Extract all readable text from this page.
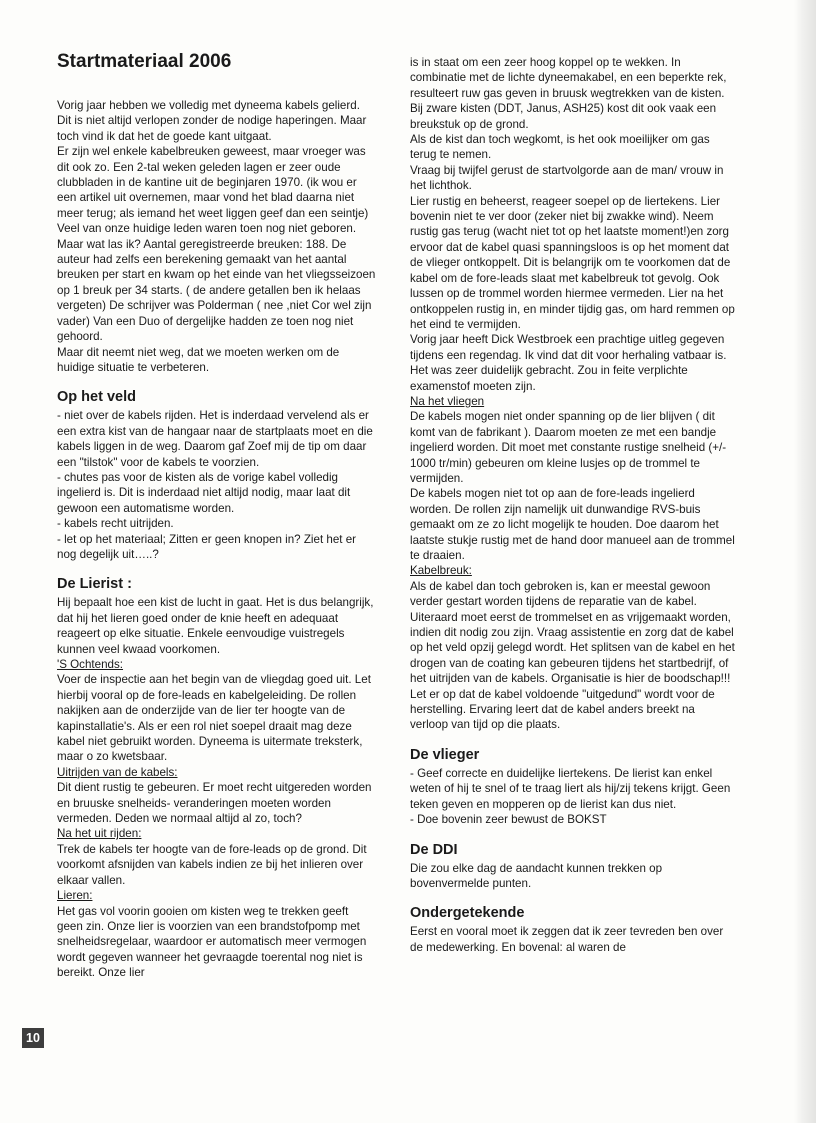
Startmateriaal 2006

Vorig jaar hebben we volledig met dyneema kabels gelierd. Dit is niet altijd verlopen zonder de nodige haperingen. Maar toch vind ik dat het de goede kant uitgaat.

Er zijn wel enkele kabelbreuken geweest, maar vroeger was dit ook zo. Een 2-tal weken geleden lagen er zeer oude clubbladen in de kantine uit de beginjaren 1970. (ik wou er een artikel uit overnemen, maar vond het blad daarna niet meer terug; als iemand het weet liggen geef dan een seintje) Veel van onze huidige leden waren toen nog niet geboren. Maar wat las ik? Aantal geregistreerde breuken: 188. De auteur had zelfs een berekening gemaakt van het aantal breuken per start en kwam op het einde van het vliegsseizoen op 1 breuk per 34 starts. ( de andere getallen ben ik helaas vergeten) De schrijver was Polderman ( nee ,niet Cor wel zijn vader) Van een Duo of dergelijke hadden ze toen nog niet gehoord.

Maar dit neemt niet weg, dat we moeten werken om de huidige situatie te verbeteren.

Op het veld

- niet over de kabels rijden. Het is inderdaad vervelend als er een extra kist van de hangaar naar de startplaats moet en die kabels liggen in de weg. Daarom gaf Zoef mij de tip om daar een "tilstok" voor de kabels te voorzien.

- chutes pas voor de kisten als de vorige kabel volledig ingelierd is. Dit is inderdaad niet altijd nodig, maar laat dit gewoon een automatisme worden.

- kabels recht uitrijden.

- let op het materiaal; Zitten er geen knopen in? Ziet het er nog degelijk uit…..?

De Lierist :

Hij bepaalt hoe een kist de lucht in gaat. Het is dus belangrijk, dat hij het lieren goed onder de knie heeft en adequaat reageert op elke situatie. Enkele eenvoudige vuistregels kunnen veel kwaad voorkomen.

'S Ochtends:

Voer de inspectie aan het begin van de vliegdag goed uit. Let hierbij vooral op de fore-leads en kabelgeleiding. De rollen nakijken aan de onderzijde van de lier ter hoogte van de kapinstallatie's. Als er een rol niet soepel draait mag deze kabel niet gebruikt worden. Dyneema is uitermate treksterk, maar o zo kwetsbaar.

Uitrijden van de kabels:

Dit dient rustig te gebeuren. Er moet recht uitgereden worden en bruuske snelheids- veranderingen moeten worden vermeden. Deden we normaal altijd al zo, toch?

Na het uit rijden:

Trek de kabels ter hoogte van de fore-leads op de grond. Dit voorkomt afsnijden van kabels indien ze bij het inlieren over elkaar vallen.

Lieren:

Het gas vol voorin gooien om kisten weg te trekken geeft geen zin. Onze lier is voorzien van een brandstofpomp met snelheidsregelaar, waardoor er automatisch meer vermogen wordt gegeven wanneer het gevraagde toerental nog niet is bereikt. Onze lier

is in staat om een zeer hoog koppel op te wekken. In combinatie met de lichte dyneemakabel, en een beperkte rek, resulteert ruw gas geven in bruusk wegtrekken van de kisten. Bij zware kisten (DDT, Janus, ASH25) kost dit ook vaak een breukstuk op de grond.

Als de kist dan toch wegkomt, is het ook moeilijker om gas terug te nemen.

Vraag bij twijfel gerust de startvolgorde aan de man/ vrouw in het lichthok.

Lier rustig en beheerst, reageer soepel op de liertekens. Lier bovenin niet te ver door (zeker niet bij zwakke wind). Neem rustig gas terug (wacht niet tot op het laatste moment!)en zorg ervoor dat de kabel quasi spanningsloos is op het moment dat de vlieger ontkoppelt. Dit is belangrijk om te voorkomen dat de kabel om de fore-leads slaat met kabelbreuk tot gevolg. Ook lussen op de trommel worden hiermee vermeden. Lier na het ontkoppelen rustig in, en minder tijdig gas, om hard remmen op het eind te vermijden.

Vorig jaar heeft Dick Westbroek een prachtige uitleg gegeven tijdens een regendag. Ik vind dat dit voor herhaling vatbaar is. Het was zeer duidelijk gebracht. Zou in feite verplichte examenstof moeten zijn.

Na het vliegen

De kabels mogen niet onder spanning op de lier blijven ( dit komt van de fabrikant ). Daarom moeten ze met een bandje ingelierd worden. Dit moet met constante rustige snelheid (+/- 1000 tr/min) gebeuren om kleine lusjes op de trommel te vermijden.

De kabels mogen niet tot op aan de fore-leads ingelierd worden. De rollen zijn namelijk uit dunwandige RVS-buis gemaakt om ze zo licht mogelijk te houden. Doe daarom het laatste stukje rustig met de hand door manueel aan de trommel te draaien.

Kabelbreuk:

Als de kabel dan toch gebroken is, kan er meestal gewoon verder gestart worden tijdens de reparatie van de kabel. Uiteraard moet eerst de trommelset en as vrijgemaakt worden, indien dit nodig zou zijn. Vraag assistentie en zorg dat de kabel op het veld opzij gelegd wordt. Het splitsen van de kabel en het drogen van de coating kan gebeuren tijdens het startbedrijf, of het uitrijden van de kabels. Organisatie is hier de boodschap!!!

Let er op dat de kabel voldoende "uitgedund" wordt voor de herstelling. Ervaring leert dat de kabel anders breekt na verloop van tijd op die plaats.

De vlieger

- Geef correcte en duidelijke liertekens. De lierist kan enkel weten of hij te snel of te traag liert als hij/zij tekens krijgt. Geen teken geven en mopperen op de lierist kan dus niet.

- Doe bovenin zeer bewust de BOKST

De DDI

Die zou elke dag de aandacht kunnen trekken op bovenvermelde punten.

Ondergetekende

Eerst en vooral moet ik zeggen dat ik zeer tevreden ben over de medewerking. En bovenal: al waren de

10
